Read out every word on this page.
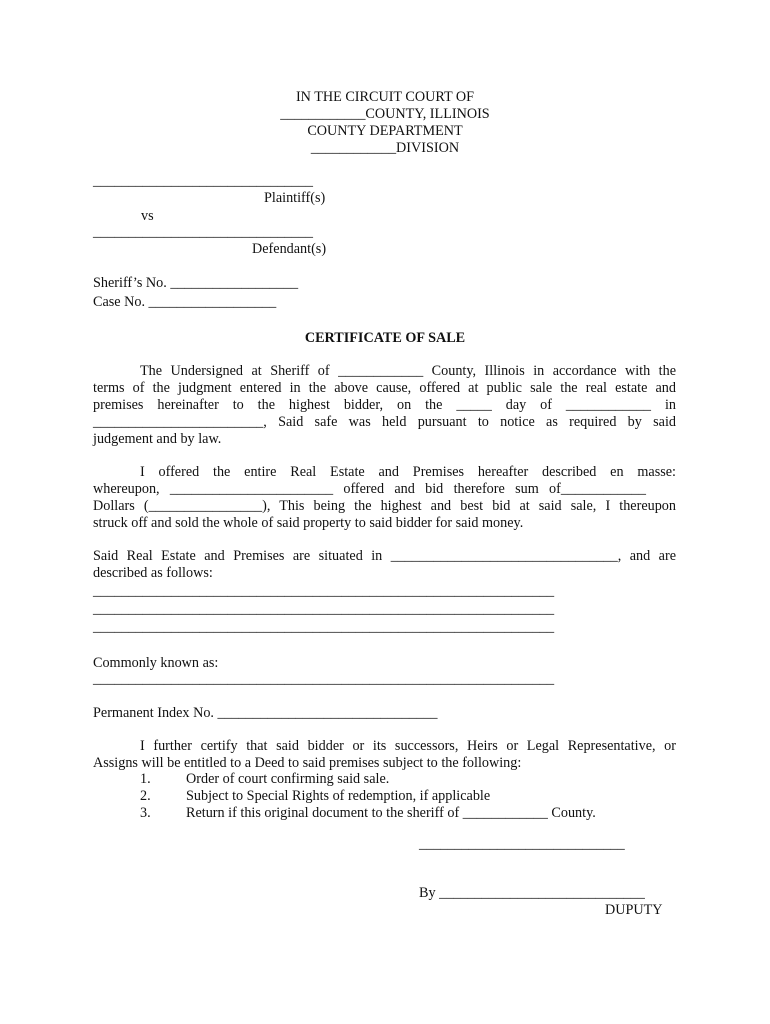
IN THE CIRCUIT COURT OF
____________COUNTY, ILLINOIS
COUNTY DEPARTMENT
____________DIVISION
_______________________________
Plaintiff(s)
vs
_______________________________
Defendant(s)
Sheriff’s No. __________________
Case No. __________________
CERTIFICATE OF SALE
The Undersigned at Sheriff of ____________ County, Illinois in accordance with the
terms of the judgment entered in the above cause, offered at public sale the real estate and
premises hereinafter to the highest bidder, on the _____ day of ____________ in
________________________, Said safe was held pursuant to notice as required by said
judgement and by law.
I offered the entire Real Estate and Premises hereafter described en masse:
whereupon, _______________________ offered and bid therefore sum of____________
Dollars (________________), This being the highest and best bid at said sale, I thereupon
struck off and sold the whole of said property to said bidder for said money.
Said Real Estate and Premises are situated in ________________________________, and are
described as follows:
_________________________________________________________________
_________________________________________________________________
_________________________________________________________________
Commonly known as:
_________________________________________________________________
Permanent Index No. _______________________________
I further certify that said bidder or its successors, Heirs or Legal Representative, or
Assigns will be entitled to a Deed to said premises subject to the following:
1. Order of court confirming said sale.
2. Subject to Special Rights of redemption, if applicable
3. Return if this original document to the sheriff of ____________ County.
_____________________________
By _____________________________
DUPUTY
